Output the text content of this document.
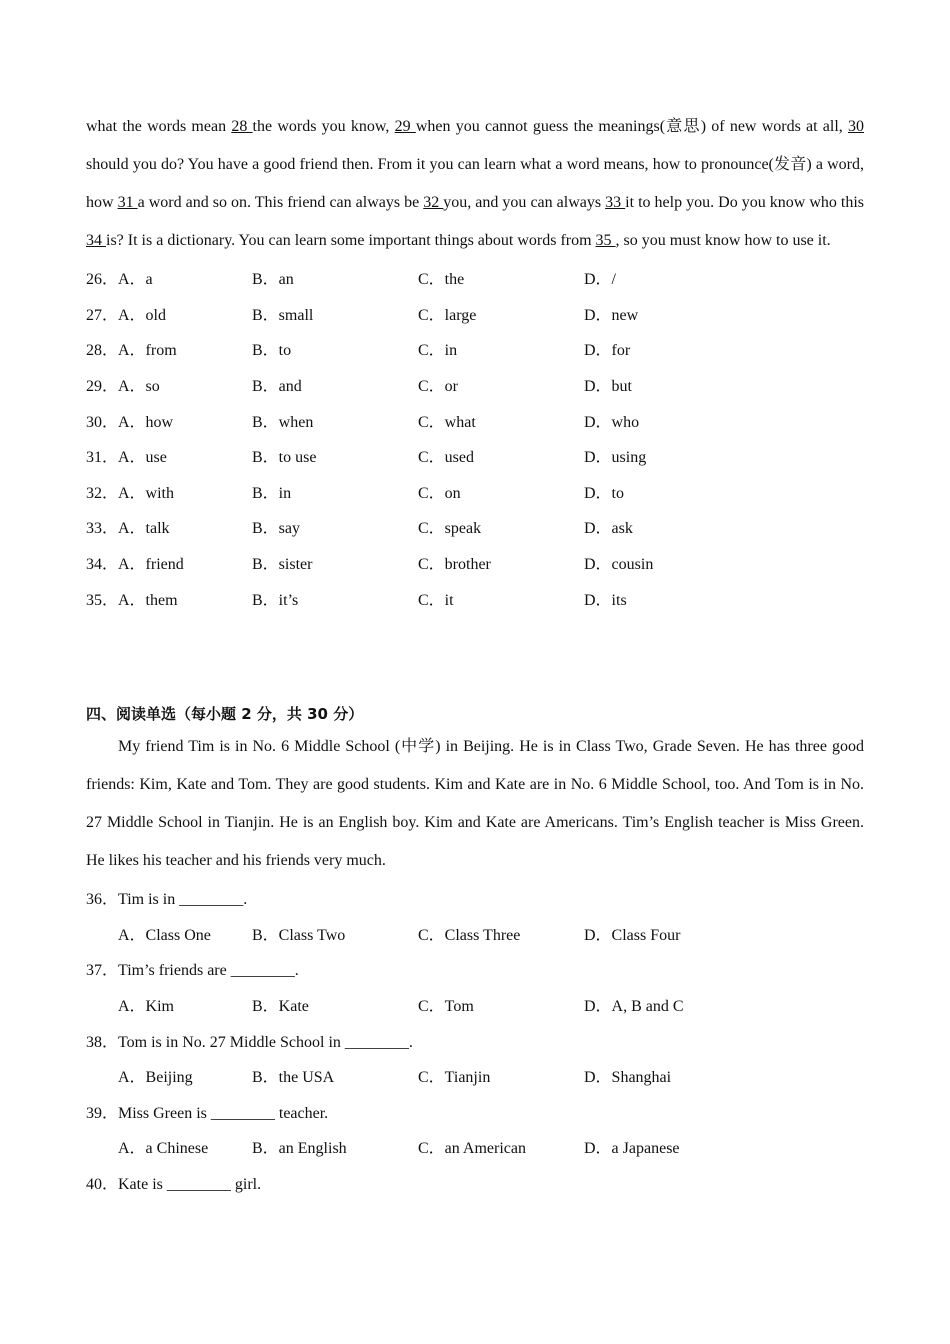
what the words mean 28 the words you know, 29 when you cannot guess the meanings(意思) of new words at all, 30 should you do? You have a good friend then. From it you can learn what a word means, how to pronounce(发音) a word, how 31 a word and so on. This friend can always be 32 you, and you can always 33 it to help you. Do you know who this 34 is? It is a dictionary. You can learn some important things about words from 35 , so you must know how to use it.

26． A．a	B．an	C．the	D．/
27． A．old	B．small	C．large	D．new
28． A．from	B．to	C．in	D．for
29． A．so	B．and	C．or	D．but
30． A．how	B．when	C．what	D．who
31． A．use	B．to use	C．used	D．using
32． A．with	B．in	C．on	D．to
33． A．talk	B．say	C．speak	D．ask
34． A．friend	B．sister	C．brother	D．cousin
35． A．them	B．it’s	C．it	D．its
四、阅读单选（每小题 2 分，共 30 分）

My friend Tim is in No. 6 Middle School (中学) in Beijing. He is in Class Two, Grade Seven. He has three good friends: Kim, Kate and Tom. They are good students. Kim and Kate are in No. 6 Middle School, too. And Tom is in No. 27 Middle School in Tianjin. He is an English boy. Kim and Kate are Americans. Tim’s English teacher is Miss Green. He likes his teacher and his friends very much.

36．Tim is in ________.
A．Class One	B．Class Two	C．Class Three	D．Class Four
37．Tim’s friends are ________.
A．Kim	B．Kate	C．Tom	D．A, B and C
38．Tom is in No. 27 Middle School in ________.
A．Beijing	B．the USA	C．Tianjin	D．Shanghai
39．Miss Green is ________ teacher.
A．a Chinese	B．an English	C．an American	D．a Japanese
40．Kate is ________ girl.
